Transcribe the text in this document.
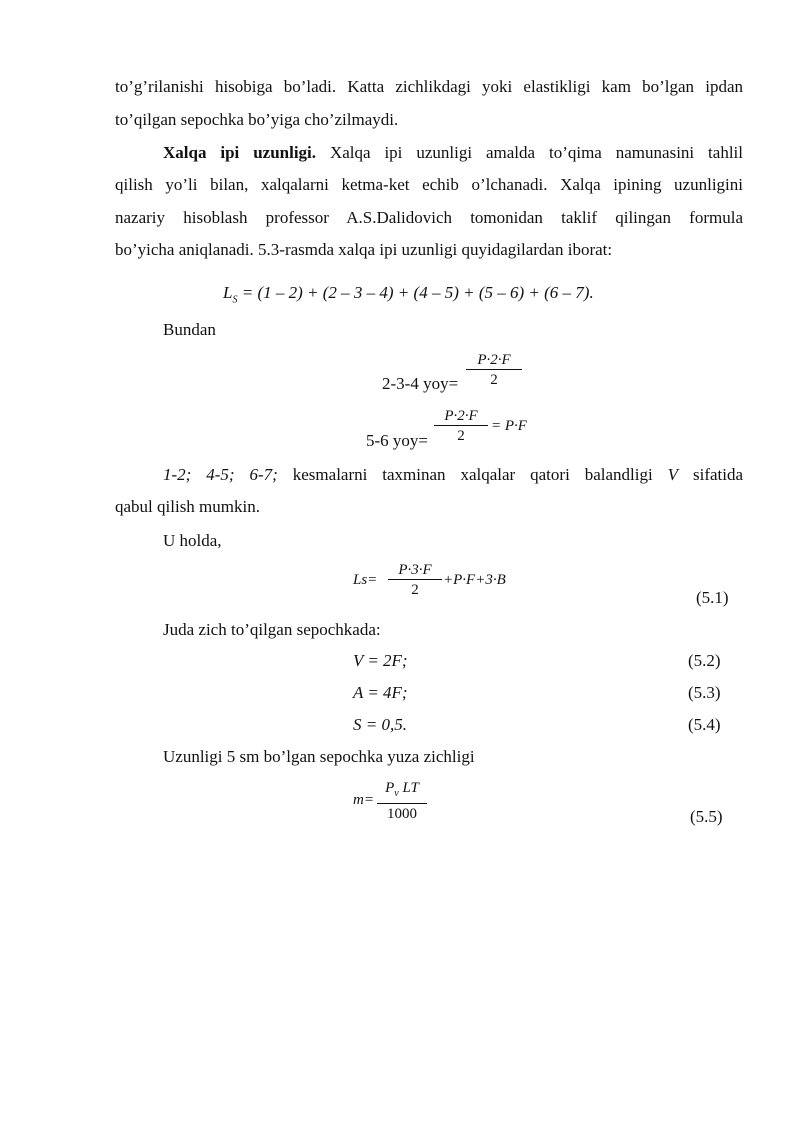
to’g’rilanishi hisobiga bo’ladi. Katta zichlikdagi yoki elastikligi kam bo’lgan ipdan
to’qilgan sepochka bo’yiga cho’zilmaydi.
Xalqa ipi uzunligi. Xalqa ipi uzunligi amalda to’qima namunasini tahlil
qilish yo’li bilan, xalqalarni ketma-ket echib o’lchanadi. Xalqa ipining uzunligini
nazariy hisoblash professor A.S.Dalidovich tomonidan taklif qilingan formula
bo’yicha aniqlanadi. 5.3-rasmda xalqa ipi uzunligi quyidagilardan iborat:
$L_S = (1 - 2) + (2 - 3 - 4) + (4 - 5) + (5 - 6) + (6 - 7)$.
Bundan
2-3-4 $yoy= \frac{P\cdot 2\cdot F}{2}$
5-6 $yoy= \frac{P\cdot 2\cdot F}{2} = P\cdot F$
1-2; 4-5; 6-7; kesmalarni taxminan xalqalar qatori balandligi V sifatida
qabul qilish mumkin.
U holda,
$Ls= \frac{P\cdot 3\cdot F}{2} +P\cdot F+3\cdot B$
(5.1)
Juda zich to’qilgan sepochkada:
V = 2F;	(5.2)
A = 4F;	(5.3)
S = 0,5.	(5.4)
Uzunligi 5 sm bo’lgan sepochka yuza zichligi
$m= \frac{P_v LT}{1000}$	(5.5)
